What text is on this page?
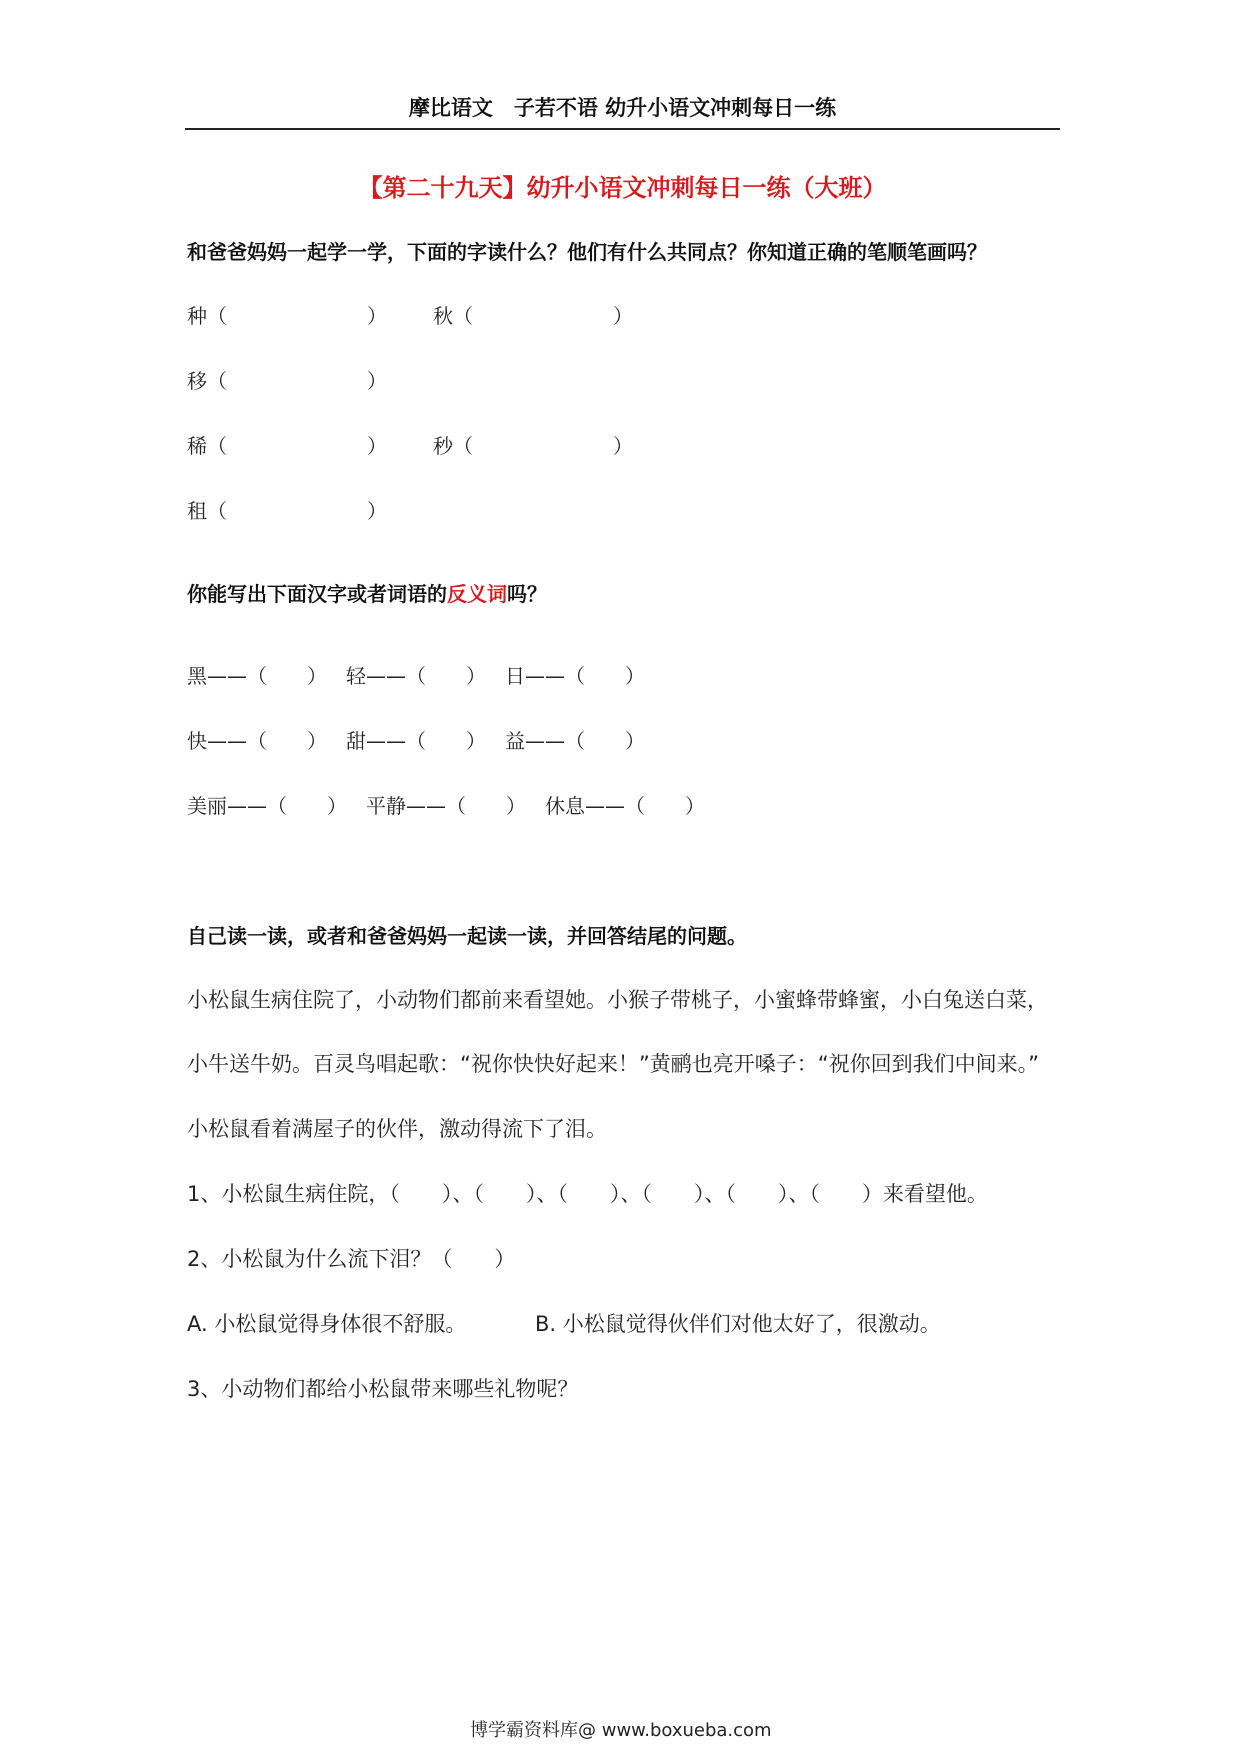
摩比语文　子若不语 幼升小语文冲刺每日一练
【第二十九天】幼升小语文冲刺每日一练（大班）
和爸爸妈妈一起学一学，下面的字读什么？他们有什么共同点？你知道正确的笔顺笔画吗？
种（　　　　　　　） 秋（　　　　　　　）
移（　　　　　　　）
稀（　　　　　　　） 秒（　　　　　　　）
租（　　　　　　　）
你能写出下面汉字或者词语的反义词吗？
黑——（　　） 轻——（　　） 日——（　　）
快——（　　） 甜——（　　） 益——（　　）
美丽——（　　） 平静——（　　） 休息——（　　）
自己读一读，或者和爸爸妈妈一起读一读，并回答结尾的问题。
小松鼠生病住院了，小动物们都前来看望她。小猴子带桃子，小蜜蜂带蜂蜜，小白兔送白菜，
小牛送牛奶。百灵鸟唱起歌：“祝你快快好起来！”黄鹂也亮开嗓子：“祝你回到我们中间来。”
小松鼠看着满屋子的伙伴，激动得流下了泪。
1、小松鼠生病住院，（　　）、（　　）、（　　）、（　　）、（　　）、（　　）来看望他。
2、小松鼠为什么流下泪？（　　）
A. 小松鼠觉得身体很不舒服。	B. 小松鼠觉得伙伴们对他太好了，很激动。
3、小动物们都给小松鼠带来哪些礼物呢？
博学霸资料库@ www.boxueba.com
